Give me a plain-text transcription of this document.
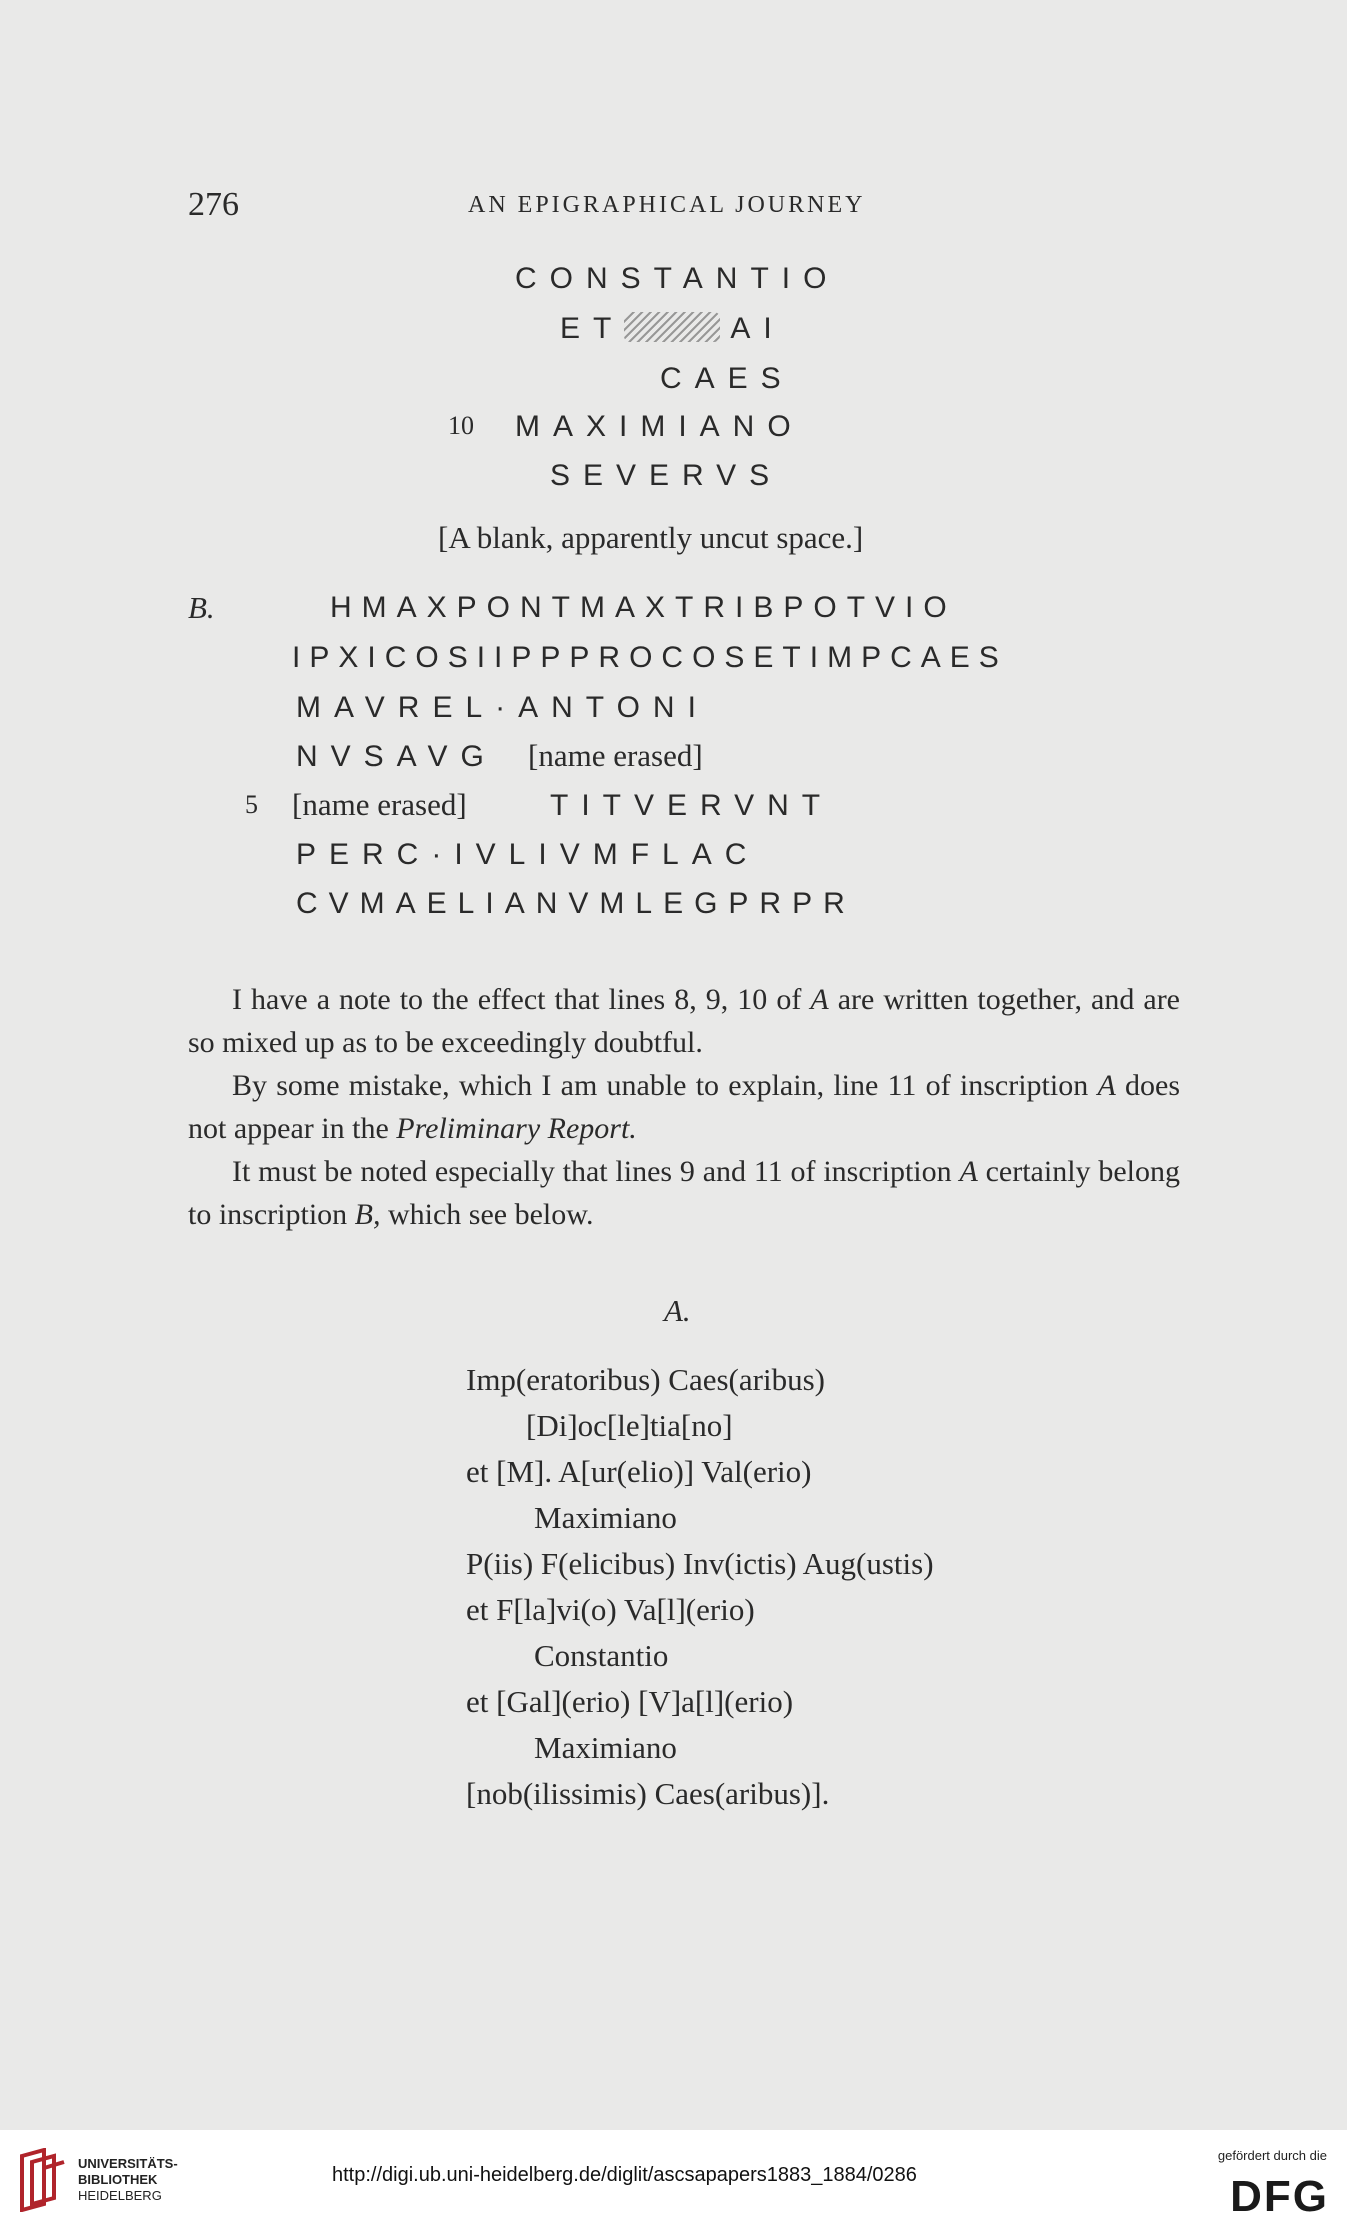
276	AN EPIGRAPHICAL JOURNEY
CONSTANTIO
ET	AI
CAES
10 MAXIMIANO
SEVERVS
[A blank, apparently uncut space.]
B.	HMAXPONTMAXTRIBPOTVIO
IPXICOSIIPPPROCOSETIMPCAES
MAVREL·ANTONI
NVSAVG [name erased]
5 [name erased]	TITVERVNT
PERC·IVLIVMFLAC
CVMAELIANVMLEGPRPR

I have a note to the effect that lines 8, 9, 10 of A are written together, and are so mixed up as to be exceedingly doubtful.

By some mistake, which I am unable to explain, line 11 of inscription A does not appear in the Preliminary Report.

It must be noted especially that lines 9 and 11 of inscription A certainly belong to inscription B, which see below.

A.
Imp(eratoribus) Caes(aribus)
[Di]oc[le]tia[no]
et [M]. A[ur(elio)] Val(erio)
Maximiano
P(iis) F(elicibus) Inv(ictis) Aug(ustis)
et F[la]vi(o) Va[l](erio)
Constantio
et [Gal](erio) [V]a[l](erio)
Maximiano
[nob(ilissimis) Caes(aribus)].
UNIVERSITÄTS-
BIBLIOTHEK
HEIDELBERG
http://digi.ub.uni-heidelberg.de/diglit/ascsapapers1883_1884/0286
gefördert durch die
DFG
